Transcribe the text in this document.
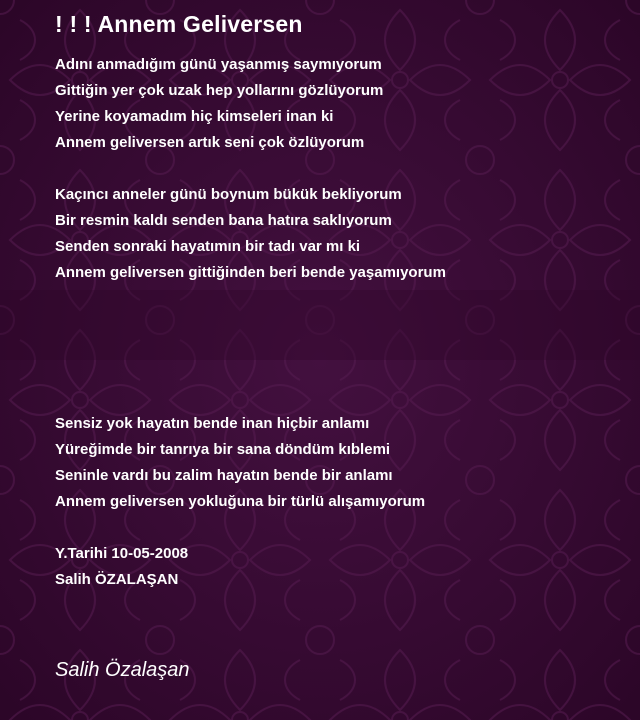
! ! ! Annem Geliversen

Adını anmadığım günü yaşanmış saymıyorum
Gittiğin yer çok uzak hep yollarını gözlüyorum
Yerine koyamadım hiç kimseleri inan ki
Annem geliversen artık seni çok özlüyorum

Kaçıncı anneler günü boynum bükük bekliyorum
Bir resmin kaldı senden bana hatıra saklıyorum
Senden sonraki hayatımın bir tadı var mı ki
Annem geliversen gittiğinden beri bende yaşamıyorum

Sensiz yok hayatın bende inan hiçbir anlamı
Yüreğimde bir tanrıya bir sana döndüm kıblemi
Seninle vardı bu zalim hayatın bende bir anlamı
Annem geliversen yokluğuna bir türlü alışamıyorum

Y.Tarihi 10-05-2008
Salih ÖZALAŞAN

Salih Özalaşan
